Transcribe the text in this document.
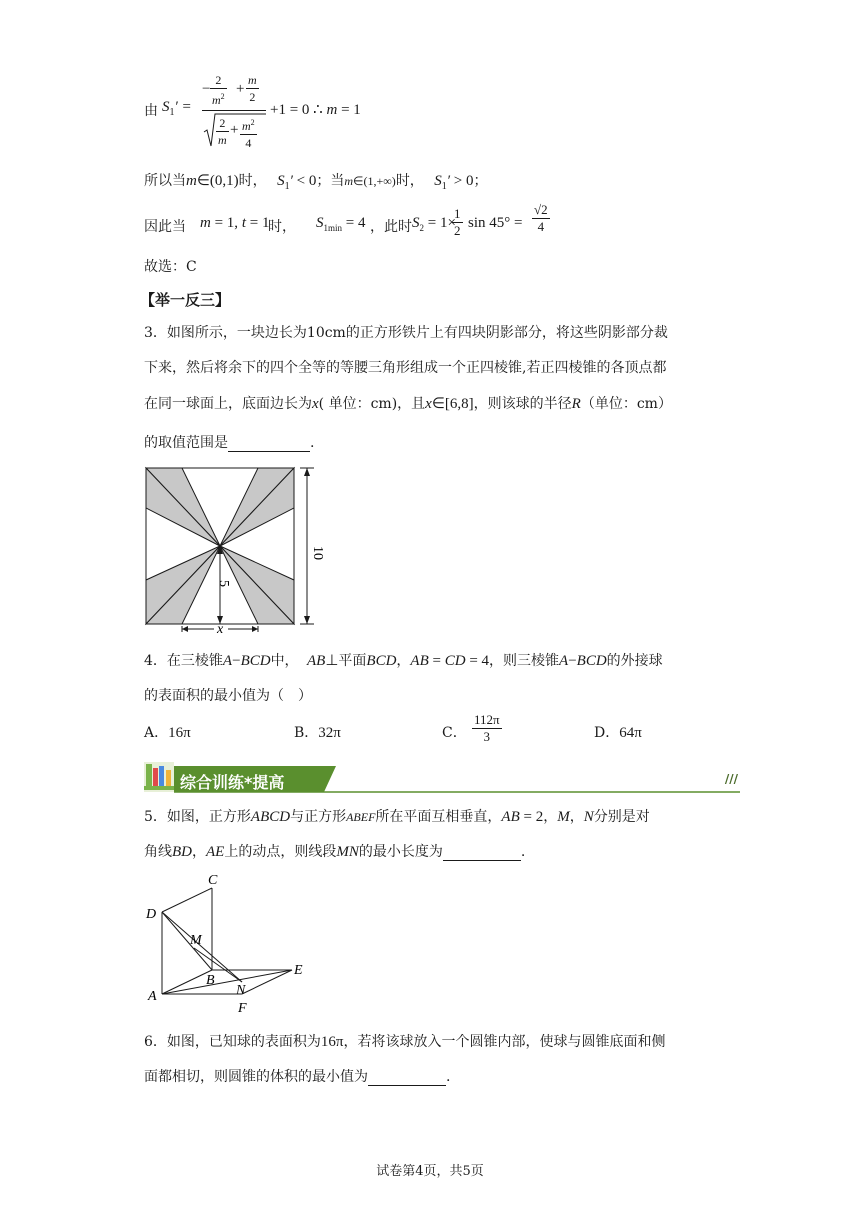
由 $S_1'$ =
− $\frac{2}{m^2} + \frac{m}{2}$
$\frac{2}{m} + \frac{m^2}{4}$
+1 = 0 ∴ m = 1
所以当m∈(0,1)时， $S_1' < 0$；当m∈(1,+∞)时， $S_1' > 0$；
因此当 m = 1, t = 1
时， $S_{1min} = 4$ ，此时 $S_2 = 1\times$
$\frac{1}{2}$ $\sin 45^\circ = \frac{√2}{4}$
故选：C
【举一反三】
3．如图所示，一块边长为10cm的正方形铁片上有四块阴影部分，将这些阴影部分裁
下来，然后将余下的四个全等的等腰三角形组成一个正四棱锥,若正四棱锥的各顶点都
在同一球面上，底面边长为x( 单位：cm)，且x∈[6,8]，则该球的半径R（单位：cm）
的取值范围是	.
10
5
x
4．在三棱锥A−BCD中， AB⊥平面BCD，AB = CD = 4，则三棱锥A−BCD的外接球
的表面积的最小值为（　）
A．16π	B．32π	C． $\frac{112\pi}{3}$	D．64π
综合训练*提高	///
5．如图，正方形ABCD与正方形ABEF所在平面互相垂直，AB = 2，M，N分别是对
角线BD，AE上的动点，则线段MN的最小长度为	.
C
D
M
B
E
A	N
F
6．如图，已知球的表面积为16π，若将该球放入一个圆锥内部，使球与圆锥底面和侧
面都相切，则圆锥的体积的最小值为	.
试卷第4页，共5页
